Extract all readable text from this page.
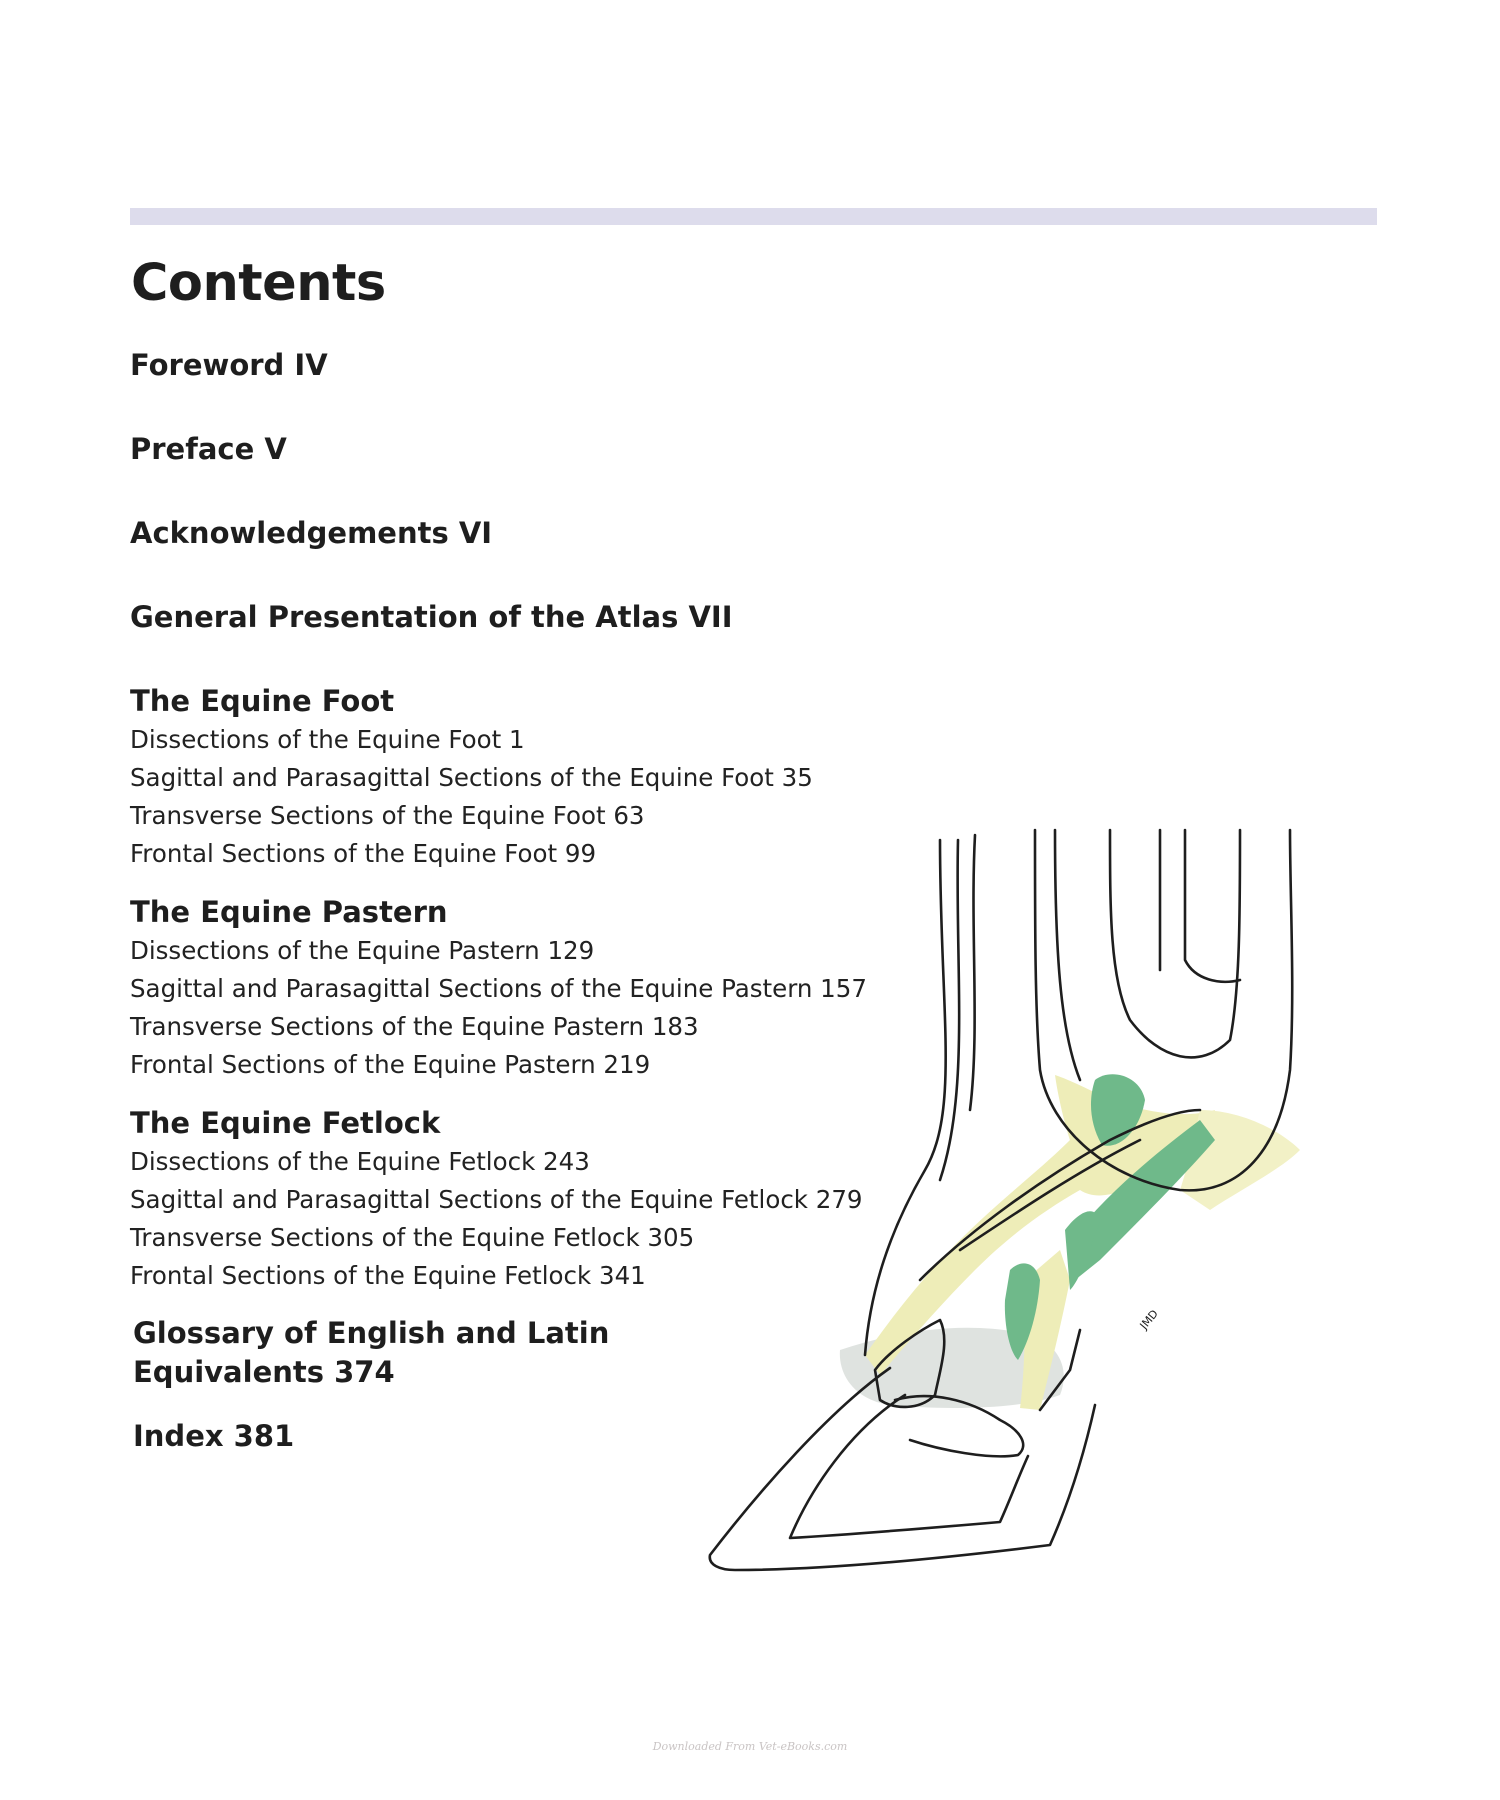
Contents
Foreword IV
Preface V
Acknowledgements VI
General Presentation of the Atlas VII
The Equine Foot
Dissections of the Equine Foot 1
Sagittal and Parasagittal Sections of the Equine Foot 35
Transverse Sections of the Equine Foot 63
Frontal Sections of the Equine Foot 99
The Equine Pastern
Dissections of the Equine Pastern 129
Sagittal and Parasagittal Sections of the Equine Pastern 157
Transverse Sections of the Equine Pastern 183
Frontal Sections of the Equine Pastern 219
The Equine Fetlock
Dissections of the Equine Fetlock 243
Sagittal and Parasagittal Sections of the Equine Fetlock 279
Transverse Sections of the Equine Fetlock 305
Frontal Sections of the Equine Fetlock 341
Glossary of English and Latin Equivalents 374
Index 381
JMD
Downloaded From Vet-eBooks.com
